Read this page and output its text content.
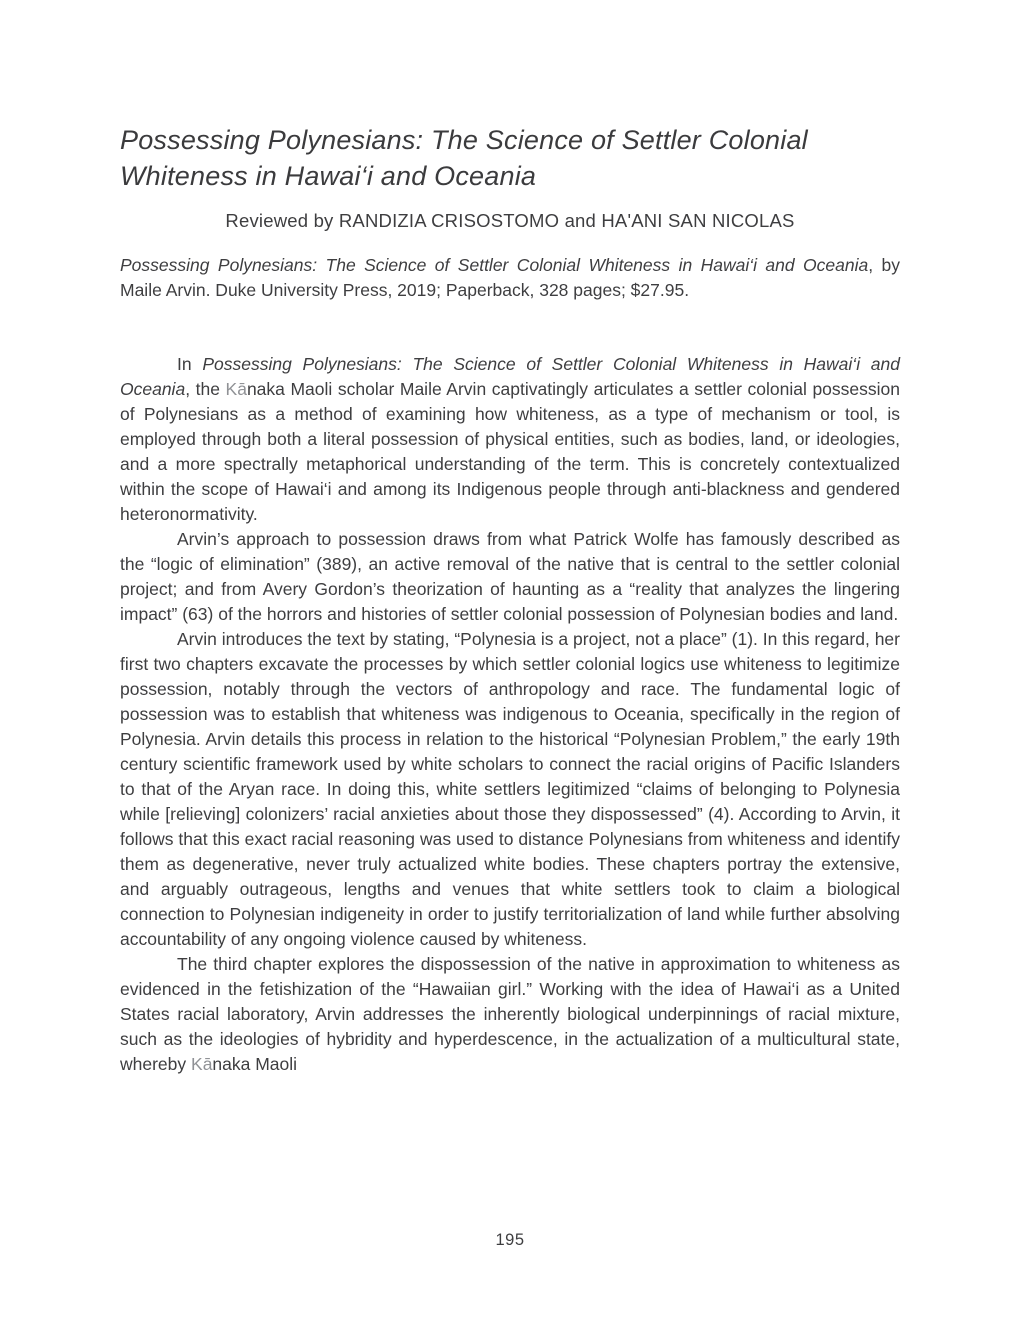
Possessing Polynesians: The Science of Settler Colonial Whiteness in Hawai‘i and Oceania
Reviewed by RANDIZIA CRISOSTOMO and HA'ANI SAN NICOLAS

Possessing Polynesians: The Science of Settler Colonial Whiteness in Hawai‘i and Oceania, by Maile Arvin. Duke University Press, 2019; Paperback, 328 pages; $27.95.

In Possessing Polynesians: The Science of Settler Colonial Whiteness in Hawai‘i and Oceania, the Kānaka Maoli scholar Maile Arvin captivatingly articulates a settler colonial possession of Polynesians as a method of examining how whiteness, as a type of mechanism or tool, is employed through both a literal possession of physical entities, such as bodies, land, or ideologies, and a more spectrally metaphorical understanding of the term. This is concretely contextualized within the scope of Hawai‘i and among its Indigenous people through anti-blackness and gendered heteronormativity.

Arvin’s approach to possession draws from what Patrick Wolfe has famously described as the “logic of elimination” (389), an active removal of the native that is central to the settler colonial project; and from Avery Gordon’s theorization of haunting as a “reality that analyzes the lingering impact” (63) of the horrors and histories of settler colonial possession of Polynesian bodies and land.

Arvin introduces the text by stating, “Polynesia is a project, not a place” (1). In this regard, her first two chapters excavate the processes by which settler colonial logics use whiteness to legitimize possession, notably through the vectors of anthropology and race. The fundamental logic of possession was to establish that whiteness was indigenous to Oceania, specifically in the region of Polynesia. Arvin details this process in relation to the historical “Polynesian Problem,” the early 19th century scientific framework used by white scholars to connect the racial origins of Pacific Islanders to that of the Aryan race. In doing this, white settlers legitimized “claims of belonging to Polynesia while [relieving] colonizers’ racial anxieties about those they dispossessed” (4). According to Arvin, it follows that this exact racial reasoning was used to distance Polynesians from whiteness and identify them as degenerative, never truly actualized white bodies. These chapters portray the extensive, and arguably outrageous, lengths and venues that white settlers took to claim a biological connection to Polynesian indigeneity in order to justify territorialization of land while further absolving accountability of any ongoing violence caused by whiteness.

The third chapter explores the dispossession of the native in approximation to whiteness as evidenced in the fetishization of the “Hawaiian girl.” Working with the idea of Hawai‘i as a United States racial laboratory, Arvin addresses the inherently biological underpinnings of racial mixture, such as the ideologies of hybridity and hyperdescence, in the actualization of a multicultural state, whereby Kānaka Maoli

195
